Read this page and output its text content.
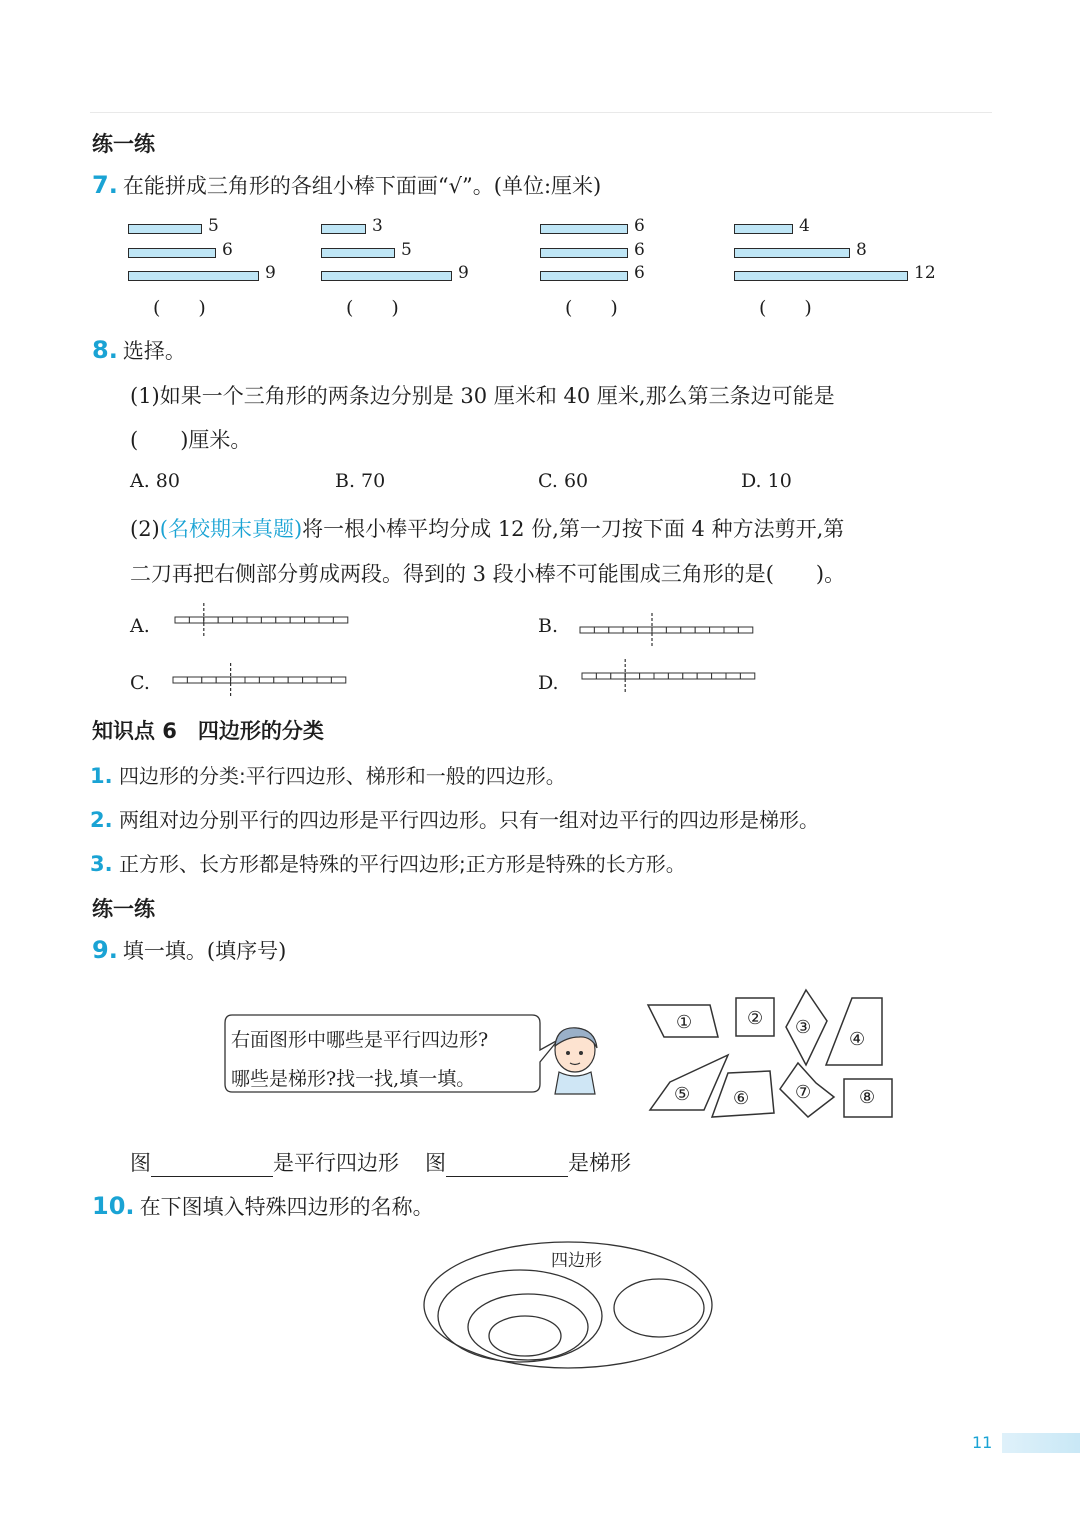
练一练
7. 在能拼成三角形的各组小棒下面画“√”。(单位:厘米)
5
6
9
(　　)
3
5
9
(　　)
6
6
6
(　　)
4
8
12
(　　)
8. 选择。
(1)如果一个三角形的两条边分别是 30 厘米和 40 厘米,那么第三条边可能是
(　　)厘米。
A. 80	B. 70	C. 60	D. 10
(2)(名校期末真题)将一根小棒平均分成 12 份,第一刀按下面 4 种方法剪开,第
二刀再把右侧部分剪成两段。得到的 3 段小棒不可能围成三角形的是(　　)。
A.	B.
C.	D.
知识点 6　四边形的分类
1. 四边形的分类:平行四边形、梯形和一般的四边形。
2. 两组对边分别平行的四边形是平行四边形。只有一组对边平行的四边形是梯形。
3. 正方形、长方形都是特殊的平行四边形;正方形是特殊的长方形。
练一练
9. 填一填。(填序号)
右面图形中哪些是平行四边形?
哪些是梯形?找一找,填一填。
①	② ③
④
⑤ ⑥	⑦	⑧
图	是平行四边形 图	是梯形
10. 在下图填入特殊四边形的名称。
四边形
11
